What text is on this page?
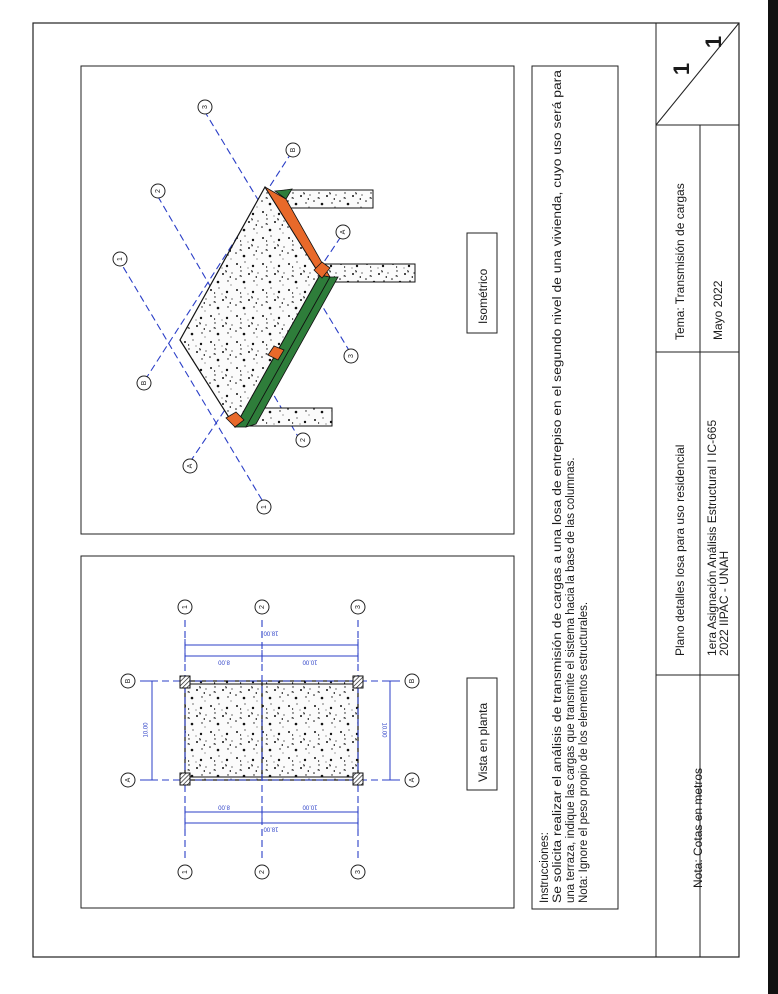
1
1
Tema: Transmisión de cargas Mayo 2022
Plano detalles losa para uso residencial 1era Asignación Análisis Estructural I IC-665
2022 IIPAC - UNAH
Nota: Cotas en metros
Instrucciones: Se solicita realizar el análisis de transmisión de cargas a una losa de entrepiso en el segundo nivel de una vivienda, cuyo uso será para una terraza, indique las cargas que transmite el sistema hacia la base de las columnas. Nota: Ignore el peso propio de los elementos estructurales.
8.00	10.00
18.00
8.00	10.00
18.00
10.00	10.00
1	2	3
1	2	3
A
B
A
B
Vista en planta
1
2
3
1
2
3
A
B
A
B
Isométrico
